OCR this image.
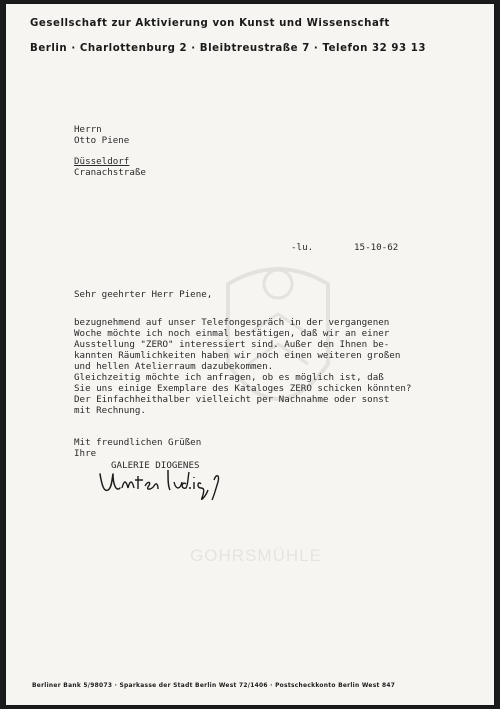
Gesellschaft zur Aktivierung von Kunst und Wissenschaft
Berlin · Charlottenburg 2 · Bleibtreustraße 7 · Telefon 32 93 13
GOHRSMÜHLE
Herrn
Otto Piene
Düsseldorf
Cranachstraße
-lu.	15-10-62
Sehr geehrter Herr Piene,
bezugnehmend auf unser Telefongespräch in der vergangenen
Woche möchte ich noch einmal bestätigen, daß wir an einer
Ausstellung "ZERO" interessiert sind. Außer den Ihnen be-
kannten Räumlichkeiten haben wir noch einen weiteren großen
und hellen Atelierraum dazubekommen.
Gleichzeitig möchte ich anfragen, ob es möglich ist, daß
Sie uns einige Exemplare des Kataloges ZERO schicken könnten?
Der Einfachheithalber vielleicht per Nachnahme oder sonst
mit Rechnung.
Mit freundlichen Grüßen
Ihre
GALERIE DIOGENES
Berliner Bank 5/98073 · Sparkasse der Stadt Berlin West 72/1406 · Postscheckkonto Berlin West 847
